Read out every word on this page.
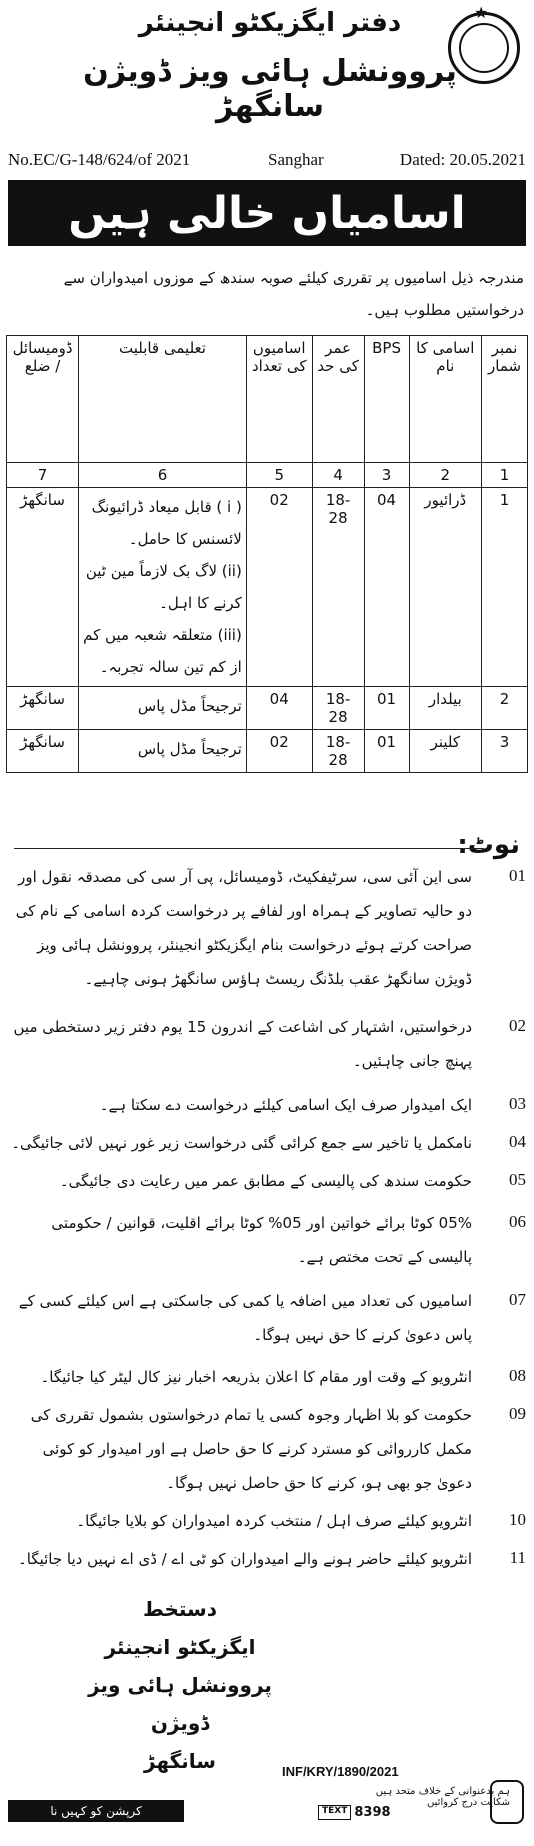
دفتر ایگزیکٹو انجینئر
پروونشل ہائی ویز ڈویژن سانگھڑ
★
No.EC/G-148/624/of 2021	Sanghar	Dated: 20.05.2021
اسامیاں خالی ہیں
مندرجہ ذیل اسامیوں پر تقرری کیلئے صوبہ سندھ کے موزوں امیدواران سے درخواستیں مطلوب ہیں۔
نمبر شمار	اسامی کا نام	BPS	عمر کی حد	اسامیوں کی تعداد	تعلیمی قابلیت	ڈومیسائل / ضلع
1	2	3	4	5	6	7
1	ڈرائیور	04	18-28	02	( i ) قابل میعاد ڈرائیونگ لائسنس کا حامل۔
(ii) لاگ بک لازماً مین ٹین کرنے کا اہل۔
(iii) متعلقہ شعبہ میں کم از کم تین سالہ تجربہ۔	سانگھڑ
2	بیلدار	01	18-28	04	ترجیحاً مڈل پاس	سانگھڑ
3	کلینر	01	18-28	02	ترجیحاً مڈل پاس	سانگھڑ
نوٹ:
01
سی این آئی سی، سرٹیفکیٹ، ڈومیسائل، پی آر سی کی مصدقہ نقول اور دو حالیہ تصاویر کے ہمراہ اور لفافے پر درخواست کردہ اسامی کے نام کی صراحت کرتے ہوئے درخواست بنام ایگزیکٹو انجینئر، پروونشل ہائی ویز ڈویژن سانگھڑ عقب بلڈنگ ریسٹ ہاؤس سانگھڑ ہونی چاہیے۔
02
درخواستیں، اشتہار کی اشاعت کے اندرون 15 یوم دفتر زیر دستخطی میں پہنچ جانی چاہئیں۔
03
ایک امیدوار صرف ایک اسامی کیلئے درخواست دے سکتا ہے۔
04
نامکمل یا تاخیر سے جمع کرائی گئی درخواست زیر غور نہیں لائی جائیگی۔
05
حکومت سندھ کی پالیسی کے مطابق عمر میں رعایت دی جائیگی۔
06
05% کوٹا برائے خواتین اور 05% کوٹا برائے اقلیت، قوانین / حکومتی پالیسی کے تحت مختص ہے۔
07
اسامیوں کی تعداد میں اضافہ یا کمی کی جاسکتی ہے اس کیلئے کسی کے پاس دعویٰ کرنے کا حق نہیں ہوگا۔
08
انٹرویو کے وقت اور مقام کا اعلان بذریعہ اخبار نیز کال لیٹر کیا جائیگا۔
09
حکومت کو بلا اظہار وجوہ کسی یا تمام درخواستوں بشمول تقرری کی مکمل کارروائی کو مسترد کرنے کا حق حاصل ہے اور امیدوار کو کوئی دعویٰ جو بھی ہو، کرنے کا حق حاصل نہیں ہوگا۔
10
انٹرویو کیلئے صرف اہل / منتخب کردہ امیدواران کو بلایا جائیگا۔
11
انٹرویو کیلئے حاضر ہونے والے امیدواران کو ٹی اے / ڈی اے نہیں دیا جائیگا۔
دستخط
ایگزیکٹو انجینئر
پروونشل ہائی ویز ڈویژن
سانگھڑ	INF/KRY/1890/2021
کرپشن کو کہیں نا
ہم بدعنوانی کے خلاف متحد ہیں
شکایت درج کروائیں
TEXT 8398
